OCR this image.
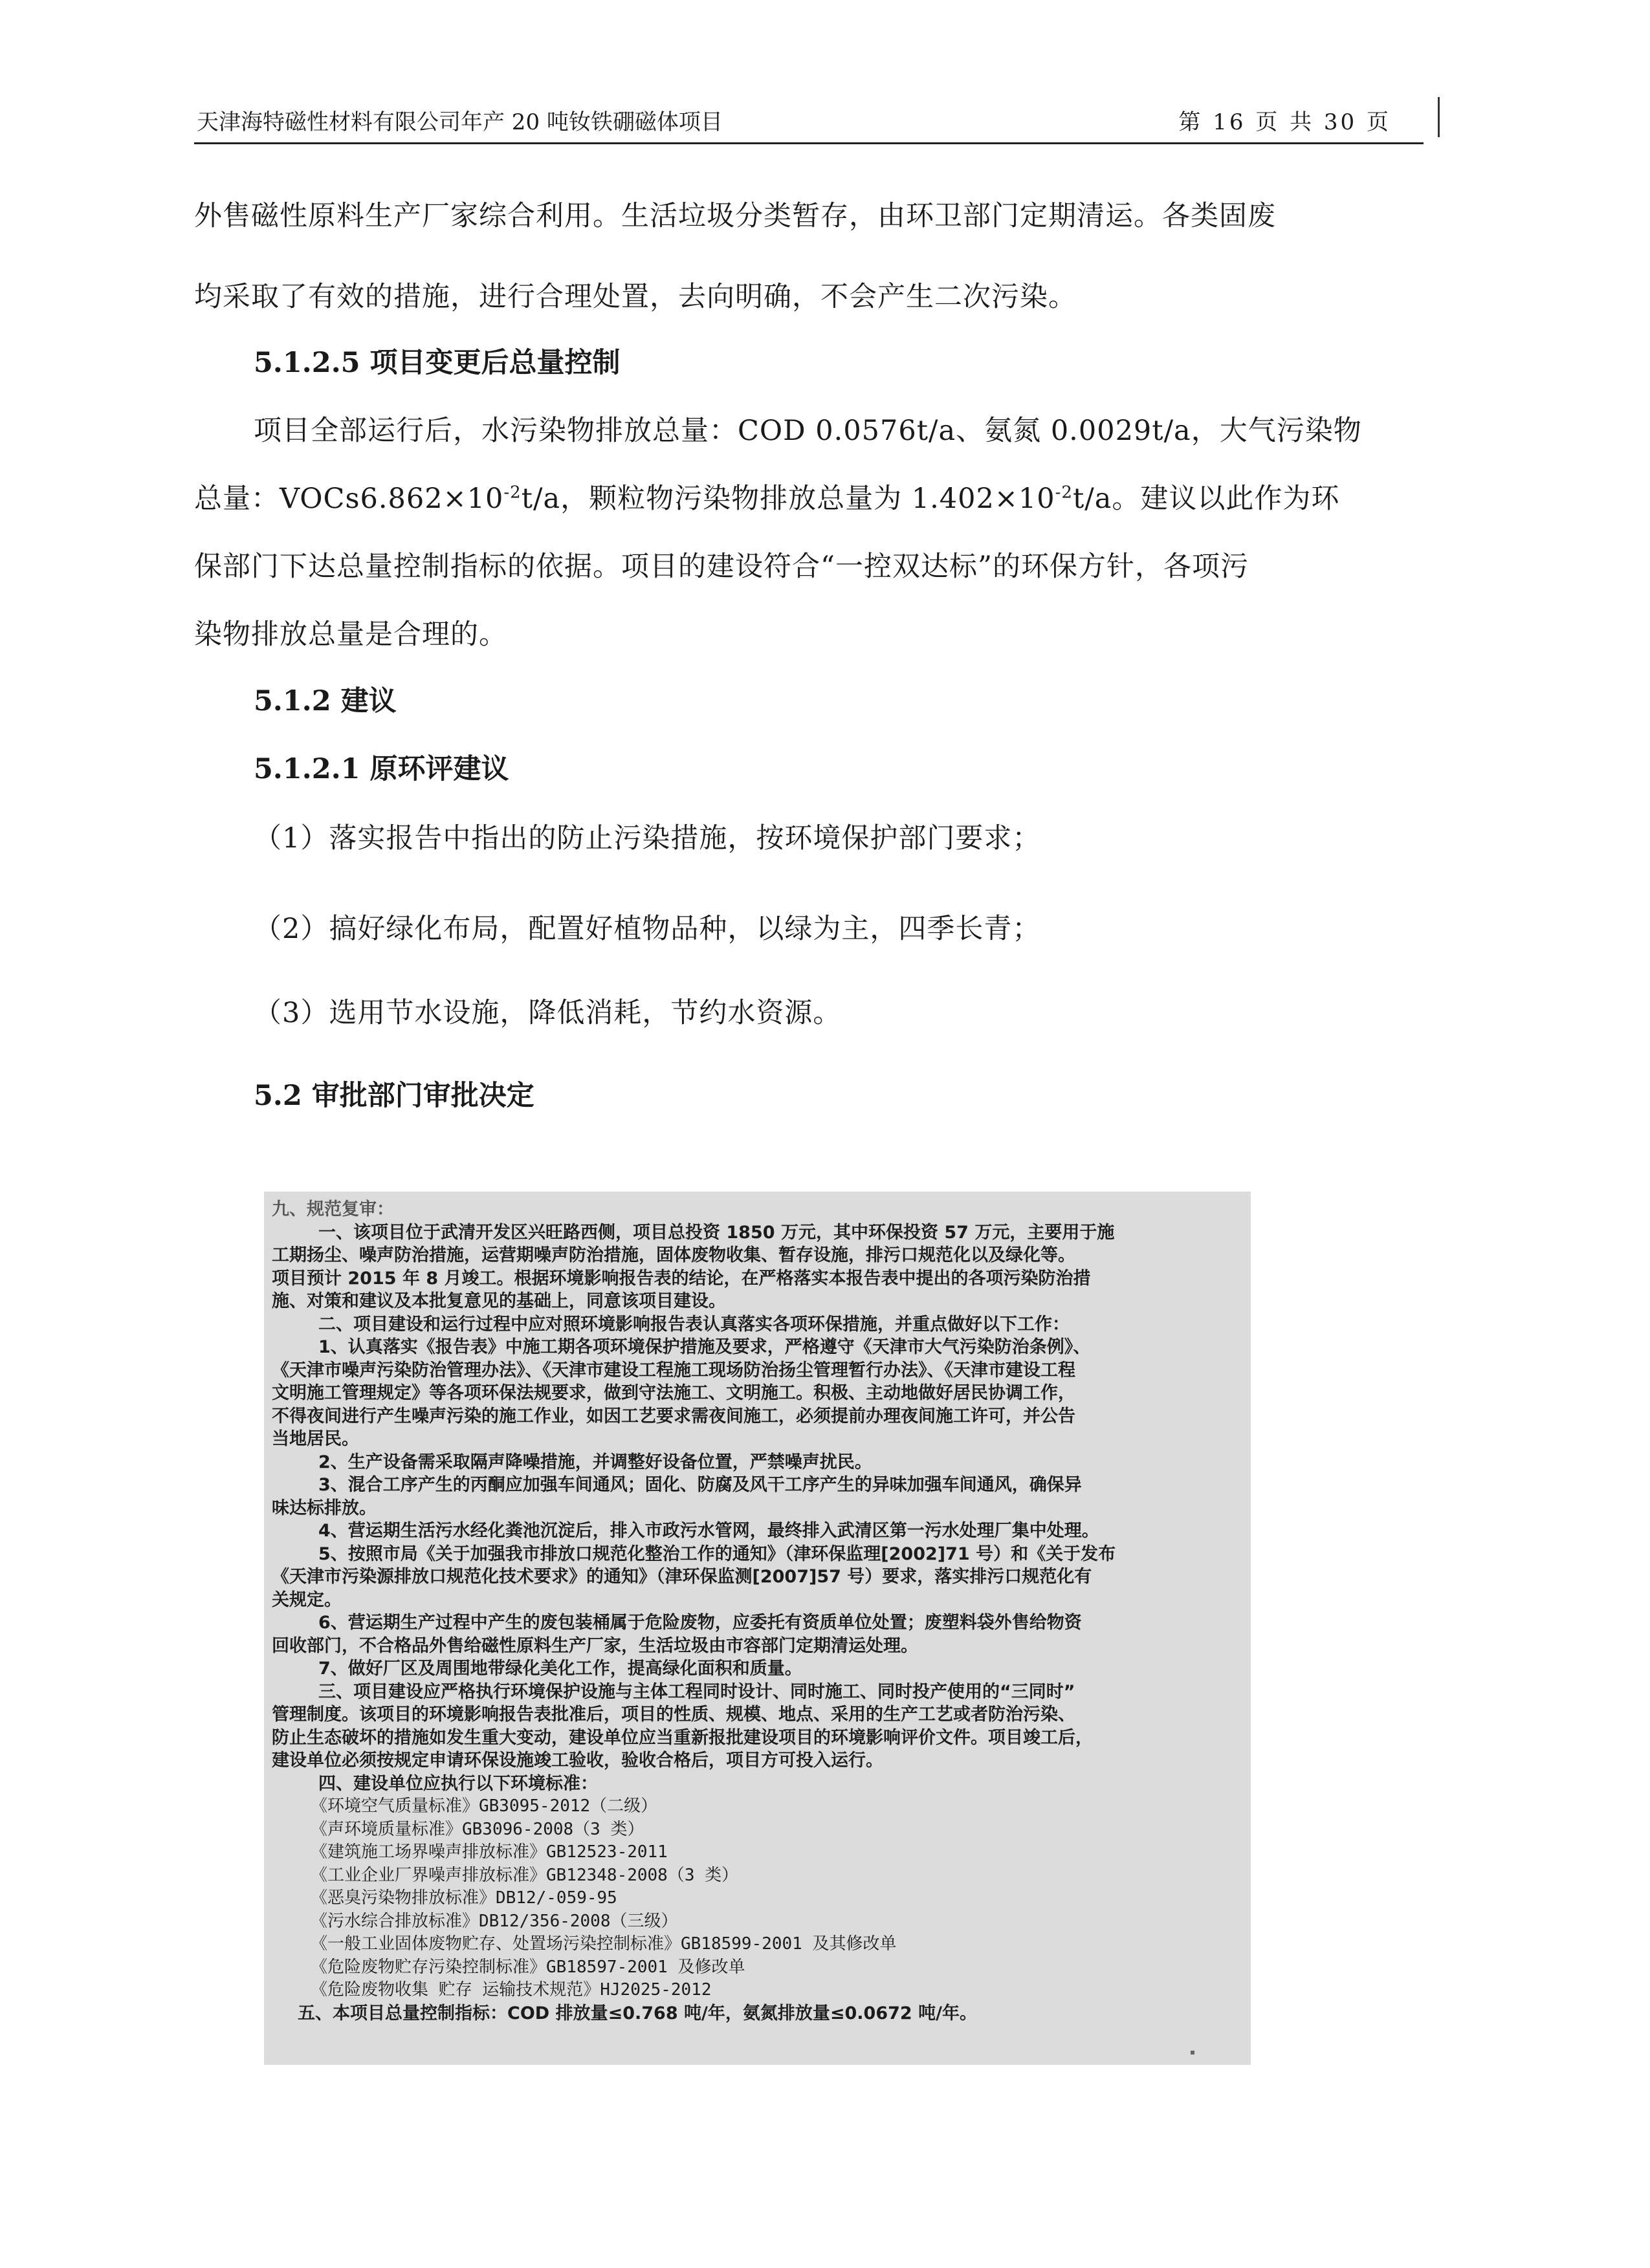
天津海特磁性材料有限公司年产 20 吨钕铁硼磁体项目	第 16 页 共 30 页
外售磁性原料生产厂家综合利用。生活垃圾分类暂存，由环卫部门定期清运。各类固废
均采取了有效的措施，进行合理处置，去向明确，不会产生二次污染。
5.1.2.5 项目变更后总量控制
项目全部运行后，水污染物排放总量：COD 0.0576t/a、氨氮 0.0029t/a，大气污染物
总量：$VOCs6.862\times 10^{-2}t/a$，颗粒物污染物排放总量为 $1.402\times 10^{-2}t/a$。建议以此作为环
保部门下达总量控制指标的依据。项目的建设符合“一控双达标”的环保方针，各项污
染物排放总量是合理的。
5.1.2 建议
5.1.2.1 原环评建议
（1）落实报告中指出的防止污染措施，按环境保护部门要求；
（2）搞好绿化布局，配置好植物品种，以绿为主，四季长青；
（3）选用节水设施，降低消耗，节约水资源。
5.2 审批部门审批决定
九、规范复审：
一、该项目位于武清开发区兴旺路西侧，项目总投资 1850 万元，其中环保投资 57 万元，主要用于施
工期扬尘、噪声防治措施，运营期噪声防治措施，固体废物收集、暂存设施，排污口规范化以及绿化等。
项目预计 2015 年 8 月竣工。根据环境影响报告表的结论，在严格落实本报告表中提出的各项污染防治措
施、对策和建议及本批复意见的基础上，同意该项目建设。
二、项目建设和运行过程中应对照环境影响报告表认真落实各项环保措施，并重点做好以下工作：
1、认真落实《报告表》中施工期各项环境保护措施及要求，严格遵守《天津市大气污染防治条例》、
《天津市噪声污染防治管理办法》、《天津市建设工程施工现场防治扬尘管理暂行办法》、《天津市建设工程
文明施工管理规定》等各项环保法规要求，做到守法施工、文明施工。积极、主动地做好居民协调工作，
不得夜间进行产生噪声污染的施工作业，如因工艺要求需夜间施工，必须提前办理夜间施工许可，并公告
当地居民。
2、生产设备需采取隔声降噪措施，并调整好设备位置，严禁噪声扰民。
3、混合工序产生的丙酮应加强车间通风；固化、防腐及风干工序产生的异味加强车间通风，确保异
味达标排放。
4、营运期生活污水经化粪池沉淀后，排入市政污水管网，最终排入武清区第一污水处理厂集中处理。
5、按照市局《关于加强我市排放口规范化整治工作的通知》（津环保监理[2002]71 号）和《关于发布
《天津市污染源排放口规范化技术要求》的通知》（津环保监测[2007]57 号）要求，落实排污口规范化有
关规定。
6、营运期生产过程中产生的废包装桶属于危险废物，应委托有资质单位处置；废塑料袋外售给物资
回收部门，不合格品外售给磁性原料生产厂家，生活垃圾由市容部门定期清运处理。
7、做好厂区及周围地带绿化美化工作，提高绿化面积和质量。
三、项目建设应严格执行环境保护设施与主体工程同时设计、同时施工、同时投产使用的“三同时”
管理制度。该项目的环境影响报告表批准后，项目的性质、规模、地点、采用的生产工艺或者防治污染、
防止生态破坏的措施如发生重大变动，建设单位应当重新报批建设项目的环境影响评价文件。项目竣工后，
建设单位必须按规定申请环保设施竣工验收，验收合格后，项目方可投入运行。
四、建设单位应执行以下环境标准：
《环境空气质量标准》GB3095-2012（二级）
《声环境质量标准》GB3096-2008（3 类）
《建筑施工场界噪声排放标准》GB12523-2011
《工业企业厂界噪声排放标准》GB12348-2008（3 类）
《恶臭污染物排放标准》DB12/-059-95
《污水综合排放标准》DB12/356-2008（三级）
《一般工业固体废物贮存、处置场污染控制标准》GB18599-2001 及其修改单
《危险废物贮存污染控制标准》GB18597-2001 及修改单
《危险废物收集 贮存 运输技术规范》HJ2025-2012
五、本项目总量控制指标：COD 排放量≤0.768 吨/年，氨氮排放量≤0.0672 吨/年。
